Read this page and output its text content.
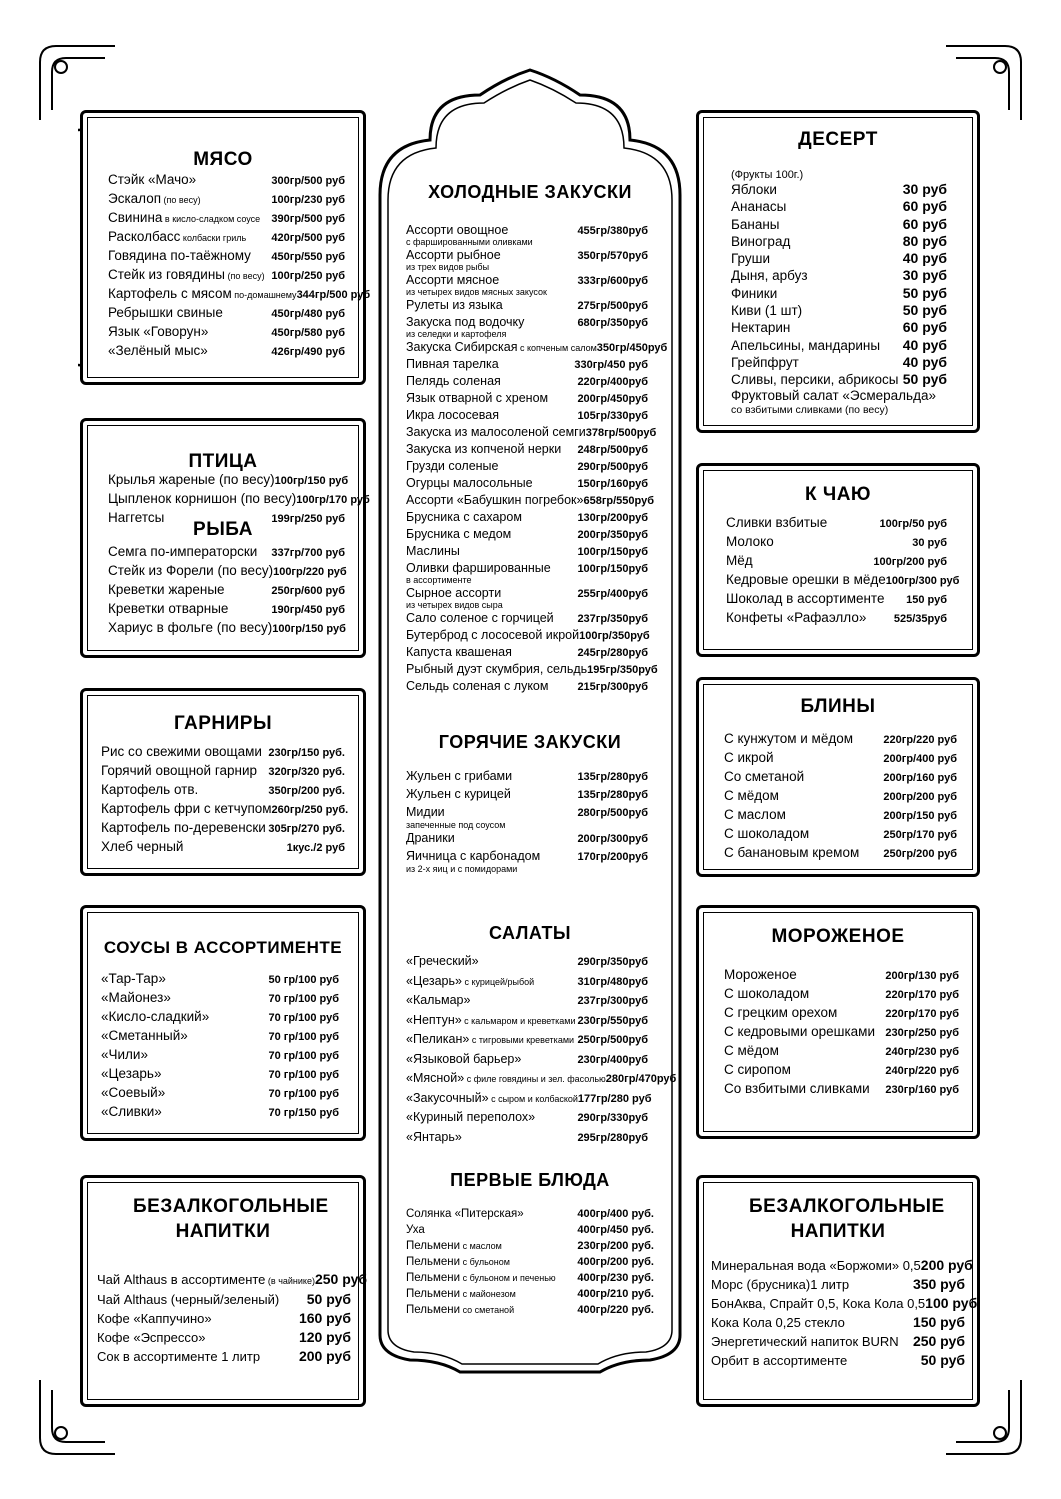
МЯСО
Стэйк «Мачо»	300гр/500 руб
Эскалоп (по весу)	100гр/230 руб
Свинина в кисло-сладком соусе 390гр/500 руб
Расколбасс колбаски гриль 420гр/500 руб
Говядина по-таёжному 450гр/550 руб
Стейк из говядины (по весу) 100гр/250 руб
Картофель с мясом по-домашнему 344гр/500 руб
Ребрышки свиные	450гр/480 руб
Язык «Говорун»	450гр/580 руб
«Зелёный мыс»	426гр/490 руб
ПТИЦА
Крылья жареные (по весу) 100гр/150 руб
Цыпленок корнишон (по весу) 100гр/170 руб
Наггетсы	199гр/250 руб
РЫБА
Семга по-императорски 337гр/700 руб
Стейк из Форели (по весу) 100гр/220 руб
Креветки жареные	250гр/600 руб
Креветки отварные	190гр/450 руб
Хариус в фольге (по весу) 100гр/150 руб
ГАРНИРЫ
Рис со свежими овощами 230гр/150 руб.
Горячий овощной гарнир 320гр/320 руб.
Картофель отв.	350гр/200 руб.
Картофель фри с кетчупом 260гр/250 руб.
Картофель по-деревенски 305гр/270 руб.
Хлеб черный	1кус./2 руб
СОУСЫ В АССОРТИМЕНТЕ
«Тар-Тар»	50 гр/100 руб
«Майонез»	70 гр/100 руб
«Кисло-сладкий»	70 гр/100 руб
«Сметанный»	70 гр/100 руб
«Чили»	70 гр/100 руб
«Цезарь»	70 гр/100 руб
«Соевый»	70 гр/100 руб
«Сливки»	70 гр/150 руб
БЕЗАЛКОГОЛЬНЫЕ НАПИТКИ
Чай Althaus в ассортименте (в чайнике) 250 руб
Чай Althaus (черный/зеленый) 50 руб
Кофе «Каппучино»	160 руб
Кофе «Эспрессо»	120 руб
Сок в ассортименте 1 литр	200 руб
ХОЛОДНЫЕ ЗАКУСКИ
Ассорти овощное	455гр/380руб
с фаршированными оливками
Ассорти рыбное	350гр/570руб
из трех видов рыбы
Ассорти мясное	333гр/600руб
из четырех видов мясных закусок
Рулеты из языка	275гр/500руб
Закуска под водочку	680гр/350руб
из селедки и картофеля
Закуска Сибирская с копченым салом 350гр/450руб
Пивная тарелка	330гр/450 руб
Пелядь соленая	220гр/400руб
Язык отварной с хреном	200гр/450руб
Икра лососевая	105гр/330руб
Закуска из малосоленой семги 378гр/500руб
Закуска из копченой нерки 248гр/500руб
Грузди соленые	290гр/500руб
Огурцы малосольные	150гр/160руб
Ассорти «Бабушкин погребок» 658гр/550руб
Брусника с сахаром	130гр/200руб
Брусника с медом	200гр/350руб
Маслины	100гр/150руб
Оливки фаршированные 100гр/150руб
в ассортименте
Сырное ассорти	255гр/400руб
из четырех видов сыра
Сало соленое с горчицей 237гр/350руб
Бутерброд с лососевой икрой 100гр/350руб
Капуста квашеная	245гр/280руб
Рыбный дуэт скумбрия, сельдь 195гр/350руб
Сельдь соленая с луком	215гр/300руб
ГОРЯЧИЕ ЗАКУСКИ
Жульен с грибами	135гр/280руб
Жульен с курицей	135гр/280руб
Мидии	280гр/500руб
запеченные под соусом
Драники	200гр/300руб
Яичница с карбонадом	170гр/200руб
из 2-х яиц и с помидорами
САЛАТЫ
«Греческий»	290гр/350руб
«Цезарь» с курицей/рыбой	310гр/480руб
«Кальмар»	237гр/300руб
«Нептун» с кальмаром и креветками 230гр/550руб
«Пеликан» с тигровыми креветками 250гр/500руб
«Языковой барьер»	230гр/400руб
«Мясной» с филе говядины и зел. фасолью 280гр/470руб
«Закусочный» с сыром и колбаской 177гр/280 руб
«Куриный переполох»	290гр/330руб
«Янтарь»	295гр/280руб
ПЕРВЫЕ БЛЮДА
Солянка «Питерская»	400гр/400 руб.
Уха	400гр/450 руб.
Пельмени с маслом	230гр/200 руб.
Пельмени с бульоном	400гр/200 руб.
Пельмени с бульоном и печенью 400гр/230 руб.
Пельмени с майонезом	400гр/210 руб.
Пельмени со сметаной	400гр/220 руб.
ДЕСЕРТ
(Фрукты 100г.)
Яблоки	30 руб
Ананасы	60 руб
Бананы	60 руб
Виноград	80 руб
Груши	40 руб
Дыня, арбуз	30 руб
Финики	50 руб
Киви (1 шт)	50 руб
Нектарин	60 руб
Апельсины, мандарины 40 руб
Грейпфрут	40 руб
Сливы, персики, абрикосы 50 руб
Фруктовый салат «Эсмеральда»
со взбитыми сливками (по весу)
К ЧАЮ
Сливки взбитые	100гр/50 руб
Молоко	30 руб
Мёд	100гр/200 руб
Кедровые орешки в мёде 100гр/300 руб
Шоколад в ассортименте 150 руб
Конфеты «Рафаэлло»	525/35руб
БЛИНЫ
С кунжутом и мёдом	220гр/220 руб
С икрой	200гр/400 руб
Со сметаной	200гр/160 руб
С мёдом	200гр/200 руб
С маслом	200гр/150 руб
С шоколадом	250гр/170 руб
С банановым кремом 250гр/200 руб
МОРОЖЕНОЕ
Мороженое	200гр/130 руб
С шоколадом	220гр/170 руб
С грецким орехом	220гр/170 руб
С кедровыми орешками 230гр/250 руб
С мёдом	240гр/230 руб
С сиропом	240гр/220 руб
Со взбитыми сливками 230гр/160 руб
БЕЗАЛКОГОЛЬНЫЕ НАПИТКИ
Минеральная вода «Боржоми» 0,5 200 руб
Морс (брусника)1 литр	350 руб
БонАква, Спрайт 0,5, Кока Кола 0,5 100 руб
Кока Кола 0,25 стекло	150 руб
Энергетический напиток BURN 250 руб
Орбит в ассортименте	50 руб
